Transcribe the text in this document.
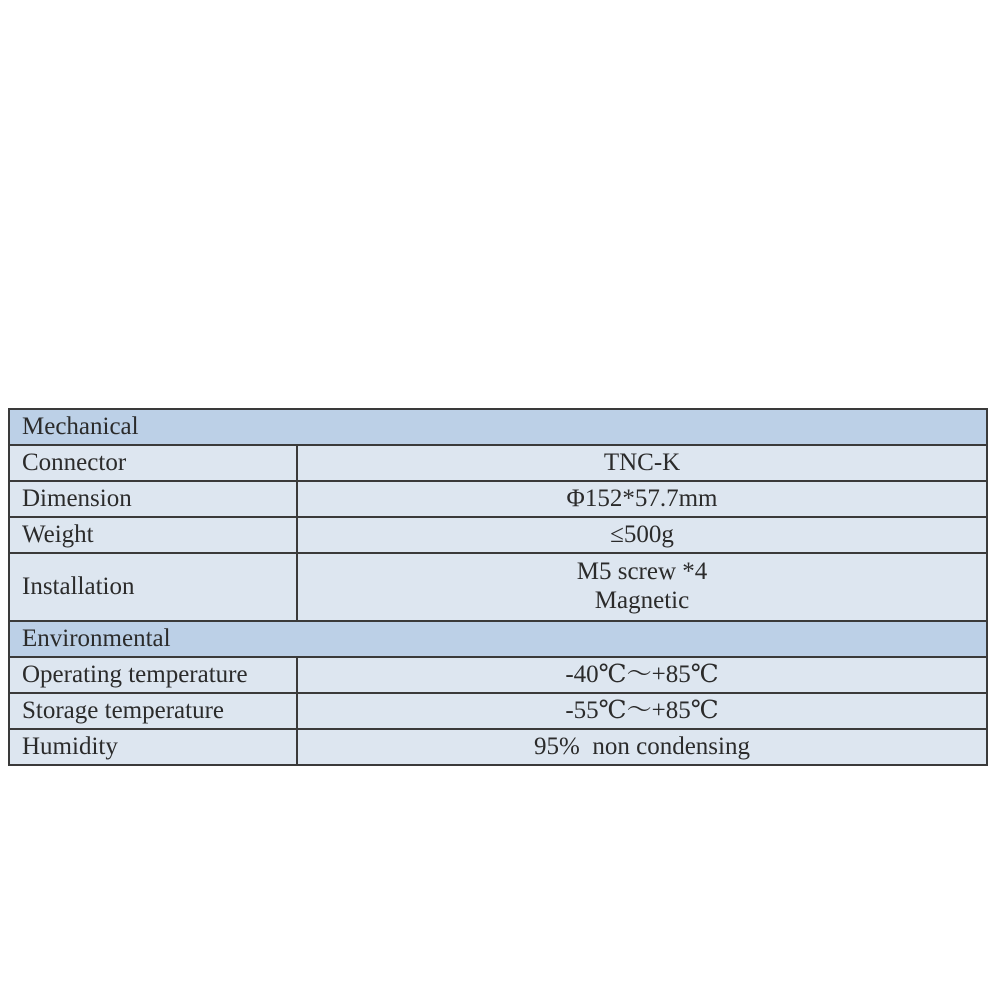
Mechanical	
Connector	TNC-K

Dimension	Φ152*57.7mm

Weight	≤500g

Installation	M5 screw *4
Magnetic

Environmental	
Operating temperature	-40℃～+85℃

Storage temperature	-55℃～+85℃

Humidity	95%  non condensing
